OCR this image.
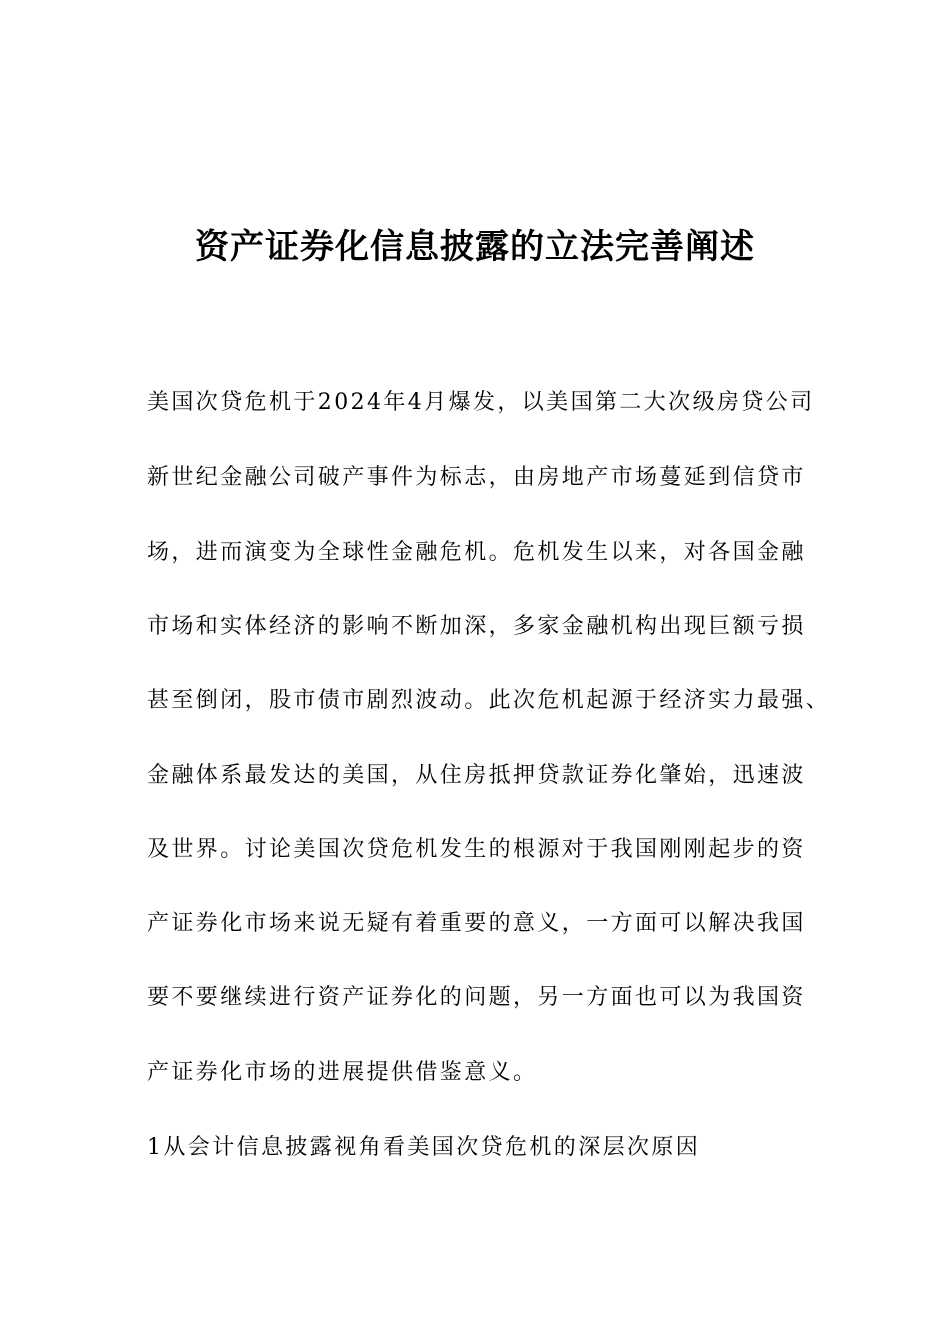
资产证券化信息披露的立法完善阐述
美国次贷危机于2024年4月爆发，以美国第二大次级房贷公司
新世纪金融公司破产事件为标志，由房地产市场蔓延到信贷市
场，进而演变为全球性金融危机。危机发生以来，对各国金融
市场和实体经济的影响不断加深，多家金融机构出现巨额亏损
甚至倒闭，股市债市剧烈波动。此次危机起源于经济实力最强、
金融体系最发达的美国，从住房抵押贷款证券化肇始，迅速波
及世界。讨论美国次贷危机发生的根源对于我国刚刚起步的资
产证券化市场来说无疑有着重要的意义，一方面可以解决我国
要不要继续进行资产证券化的问题，另一方面也可以为我国资
产证券化市场的进展提供借鉴意义。
1从会计信息披露视角看美国次贷危机的深层次原因
